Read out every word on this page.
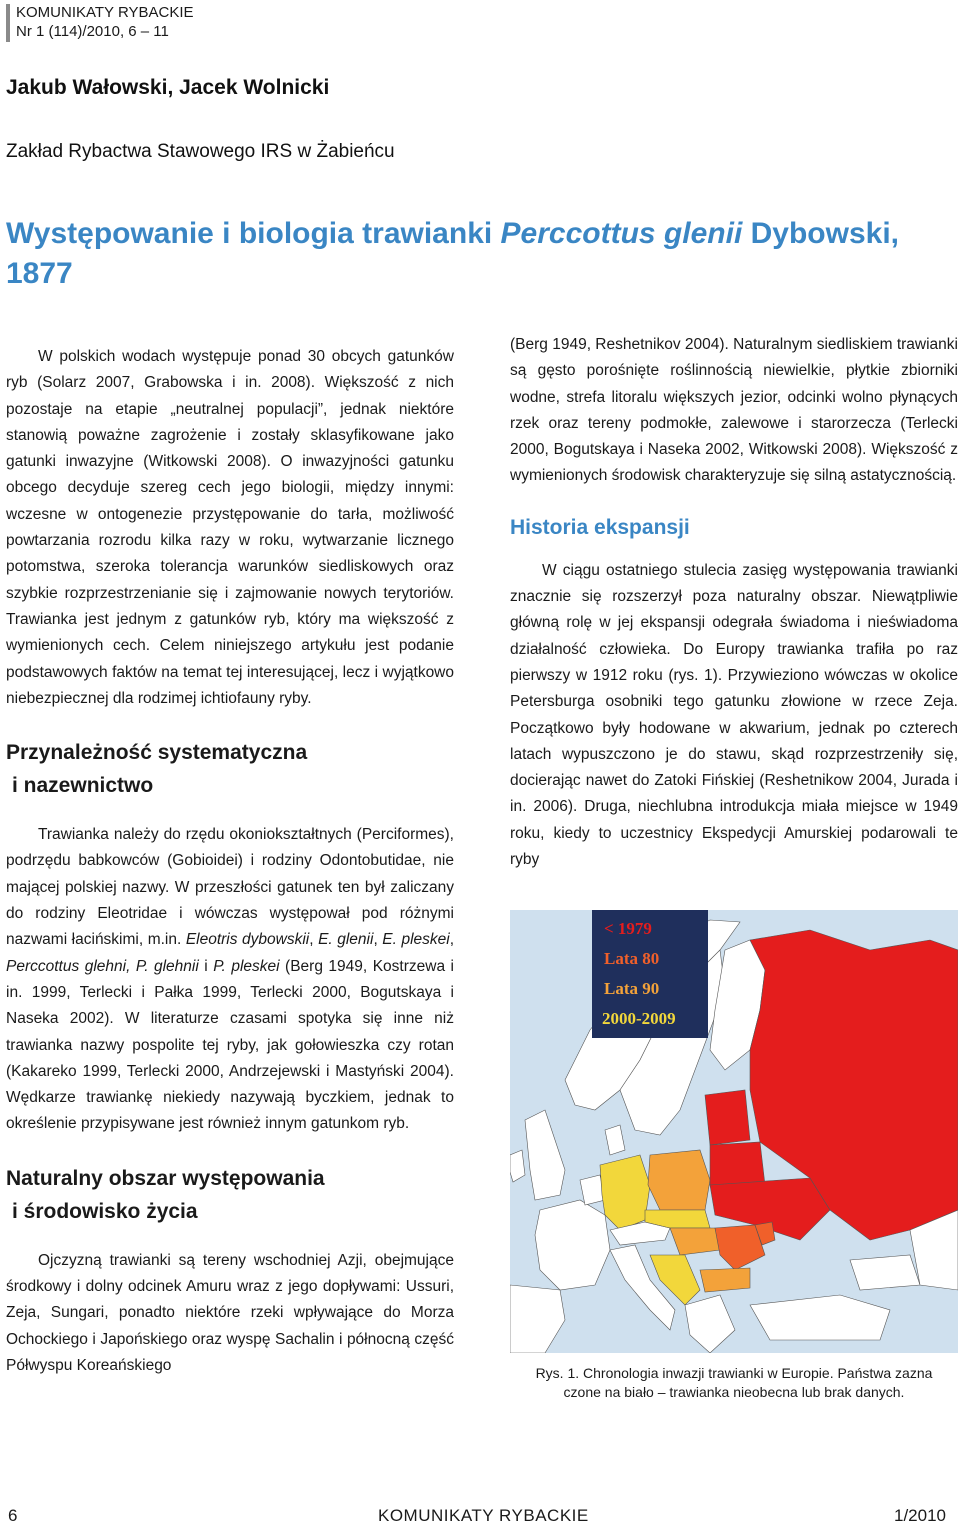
KOMUNIKATY RYBACKIE
Nr 1 (114)/2010, 6 – 11
Jakub Wałowski, Jacek Wolnicki
Zakład Rybactwa Stawowego IRS w Żabieńcu
Występowanie i biologia trawianki Perccottus glenii Dybowski, 1877

W polskich wodach występuje ponad 30 obcych gatunków ryb (Solarz 2007, Grabowska i in. 2008). Większość z nich pozostaje na etapie „neutralnej populacji”, jednak niektóre stanowią poważne zagrożenie i zostały sklasyfikowane jako gatunki inwazyjne (Witkowski 2008). O inwazyjności gatunku obcego decyduje szereg cech jego biologii, między innymi: wczesne w ontogenezie przystępowanie do tarła, możliwość powtarzania rozrodu kilka razy w roku, wytwarzanie licznego potomstwa, szeroka tolerancja warunków siedliskowych oraz szybkie rozprzestrzenianie się i zajmowanie nowych terytoriów. Trawianka jest jednym z gatunków ryb, który ma większość z wymienionych cech. Celem niniejszego artykułu jest podanie podstawowych faktów na temat tej interesującej, lecz i wyjątkowo niebezpiecznej dla rodzimej ichtiofauny ryby.

Przynależność systematyczna
i nazewnictwo

Trawianka należy do rzędu okoniokształtnych (Perciformes), podrzędu babkowców (Gobioidei) i rodziny Odontobutidae, nie mającej polskiej nazwy. W przeszłości gatunek ten był zaliczany do rodziny Eleotridae i wówczas występował pod różnymi nazwami łacińskimi, m.in. Eleotris dybowskii, E. glenii, E. pleskei, Perccottus glehni, P. glehnii i P. pleskei (Berg 1949, Kostrzewa i in. 1999, Terlecki i Pałka 1999, Terlecki 2000, Bogutskaya i Naseka 2002). W literaturze czasami spotyka się inne niż trawianka nazwy pospolite tej ryby, jak gołowieszka czy rotan (Kakareko 1999, Terlecki 2000, Andrzejewski i Mastyński 2004). Wędkarze trawiankę niekiedy nazywają byczkiem, jednak to określenie przypisywane jest również innym gatunkom ryb.

Naturalny obszar występowania
i środowisko życia

Ojczyzną trawianki są tereny wschodniej Azji, obejmujące środkowy i dolny odcinek Amuru wraz z jego dopływami: Ussuri, Zeja, Sungari, ponadto niektóre rzeki wpływające do Morza Ochockiego i Japońskiego oraz wyspę Sachalin i północną część Półwyspu Koreańskiego

(Berg 1949, Reshetnikov 2004). Naturalnym siedliskiem trawianki są gęsto porośnięte roślinnością niewielkie, płytkie zbiorniki wodne, strefa litoralu większych jezior, odcinki wolno płynących rzek oraz tereny podmokłe, zalewowe i starorzecza (Terlecki 2000, Bogutskaya i Naseka 2002, Witkowski 2008). Większość z wymienionych środowisk charakteryzuje się silną astatycznością.

Historia ekspansji

W ciągu ostatniego stulecia zasięg występowania trawianki znacznie się rozszerzył poza naturalny obszar. Niewątpliwie główną rolę w jej ekspansji odegrała świadoma i nieświadoma działalność człowieka. Do Europy trawianka trafiła po raz pierwszy w 1912 roku (rys. 1). Przywieziono wówczas w okolice Petersburga osobniki tego gatunku złowione w rzece Zeja. Początkowo były hodowane w akwarium, jednak po czterech latach wypuszczono je do stawu, skąd rozprzestrzeniły się, docierając nawet do Zatoki Fińskiej (Reshetnikow 2004, Jurada i in. 2006). Druga, niechlubna introdukcja miała miejsce w 1949 roku, kiedy to uczestnicy Ekspedycji Amurskiej podarowali te ryby

< 1979
Lata 80
Lata 90
2000-2009
Rys. 1. Chronologia inwazji trawianki w Europie. Państwa zazna
czone na biało – trawianka nieobecna lub brak danych.
6	KOMUNIKATY RYBACKIE	1/2010
